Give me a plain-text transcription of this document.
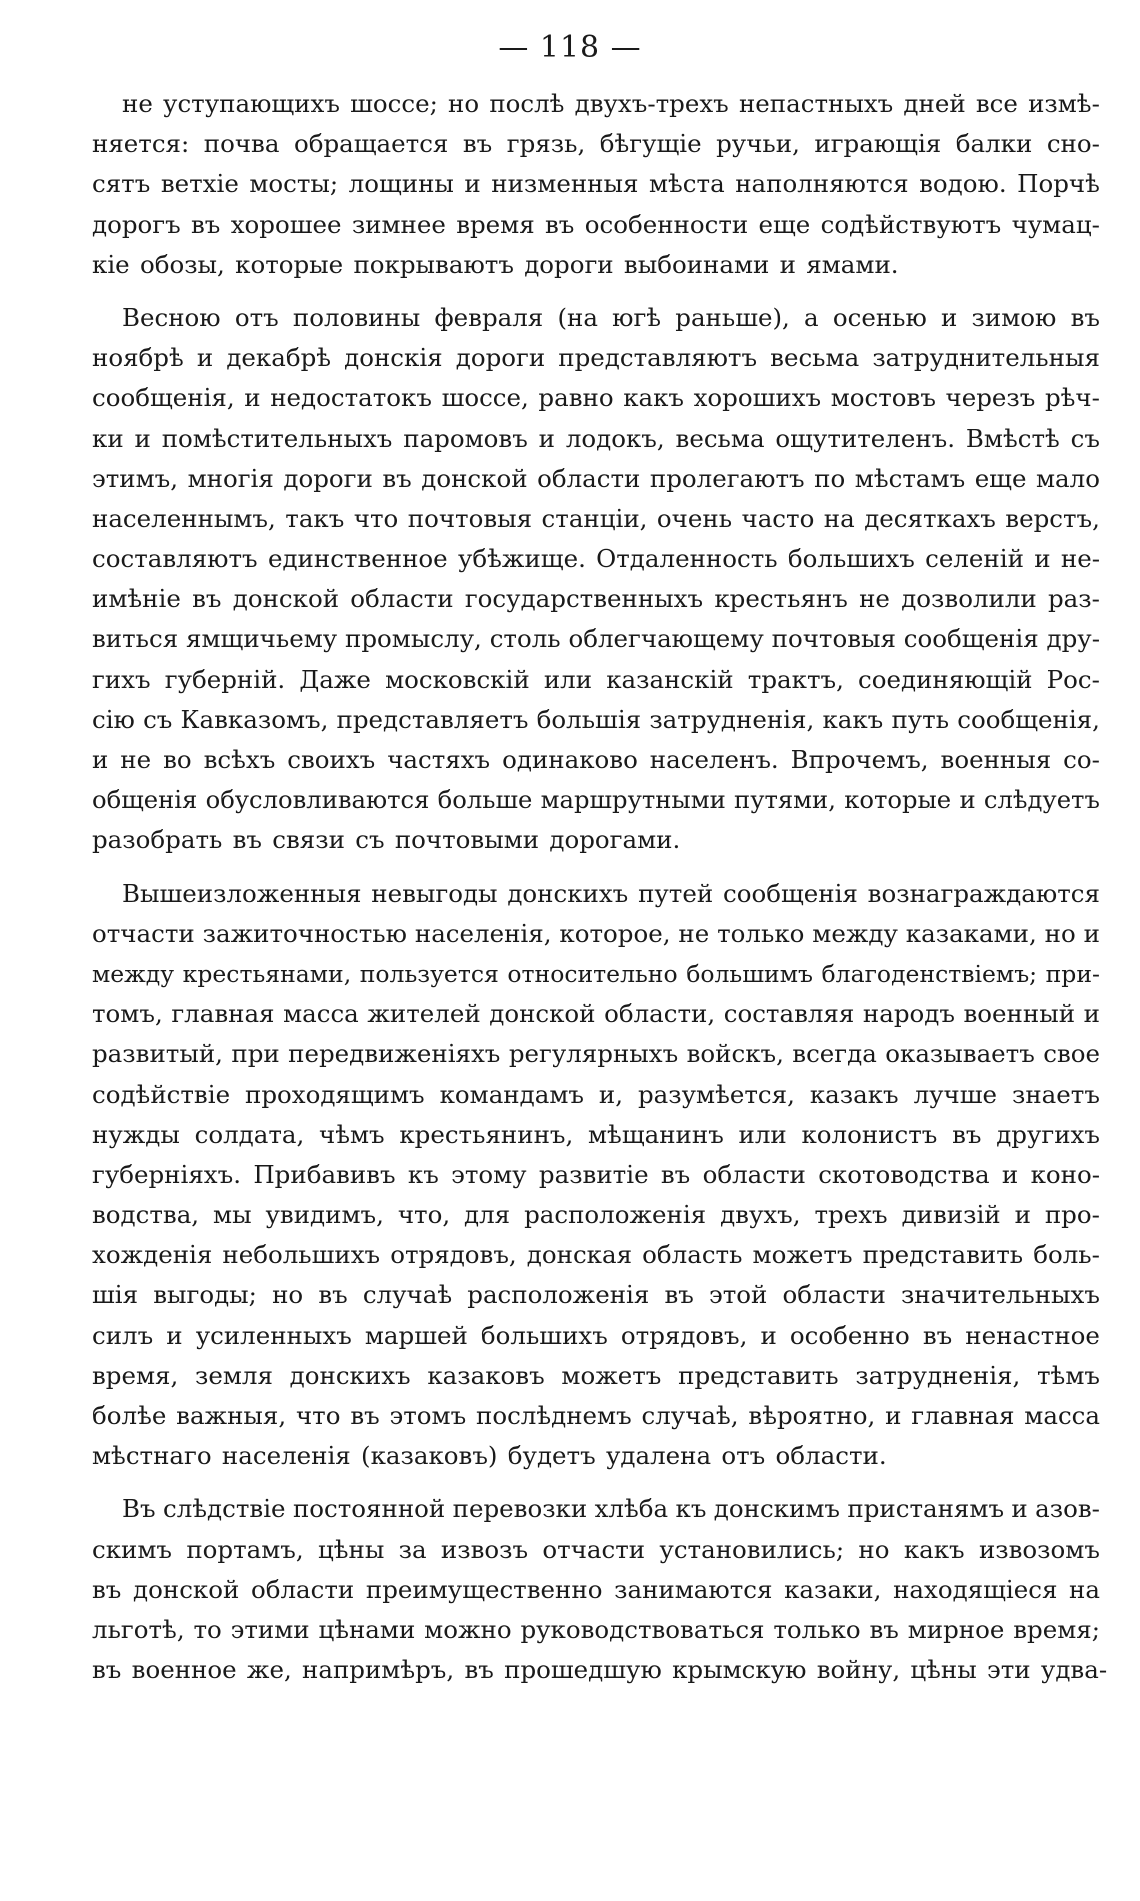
— 118 —
не уступающихъ шоссе; но послѣ двухъ-трехъ непастныхъ дней все измѣ-
няется: почва обращается въ грязь, бѣгущіе ручьи, играющія балки сно-
сятъ ветхіе мосты; лощины и низменныя мѣста наполняются водою. Порчѣ
дорогъ въ хорошее зимнее время въ особенности еще содѣйствуютъ чумац-
кіе обозы, которые покрываютъ дороги выбоинами и ямами.
Весною отъ половины февраля (на югѣ раньше), а осенью и зимою въ
ноябрѣ и декабрѣ донскія дороги представляютъ весьма затруднительныя
сообщенія, и недостатокъ шоссе, равно какъ хорошихъ мостовъ черезъ рѣч-
ки и помѣстительныхъ паромовъ и лодокъ, весьма ощутителенъ. Вмѣстѣ съ
этимъ, многія дороги въ донской области пролегаютъ по мѣстамъ еще мало
населеннымъ, такъ что почтовыя станціи, очень часто на десяткахъ верстъ,
составляютъ единственное убѣжище. Отдаленность большихъ селеній и не-
имѣніе въ донской области государственныхъ крестьянъ не дозволили раз-
виться ямщичьему промыслу, столь облегчающему почтовыя сообщенія дру-
гихъ губерній. Даже московскій или казанскій трактъ, соединяющій Рос-
сію съ Кавказомъ, представляетъ большія затрудненія, какъ путь сообщенія,
и не во всѣхъ своихъ частяхъ одинаково населенъ. Впрочемъ, военныя со-
общенія обусловливаются больше маршрутными путями, которые и слѣдуетъ
разобрать въ связи съ почтовыми дорогами.
Вышеизложенныя невыгоды донскихъ путей сообщенія вознаграждаются
отчасти зажиточностью населенія, которое, не только между казаками, но и
между крестьянами, пользуется относительно большимъ благоденствіемъ; при-
томъ, главная масса жителей донской области, составляя народъ военный и
развитый, при передвиженіяхъ регулярныхъ войскъ, всегда оказываетъ свое
содѣйствіе проходящимъ командамъ и, разумѣется, казакъ лучше знаетъ
нужды солдата, чѣмъ крестьянинъ, мѣщанинъ или колонистъ въ другихъ
губерніяхъ. Прибавивъ къ этому развитіе въ области скотоводства и коно-
водства, мы увидимъ, что, для расположенія двухъ, трехъ дивизій и про-
хожденія небольшихъ отрядовъ, донская область можетъ представить боль-
шія выгоды; но въ случаѣ расположенія въ этой области значительныхъ
силъ и усиленныхъ маршей большихъ отрядовъ, и особенно въ ненастное
время, земля донскихъ казаковъ можетъ представить затрудненія, тѣмъ
болѣе важныя, что въ этомъ послѣднемъ случаѣ, вѣроятно, и главная масса
мѣстнаго населенія (казаковъ) будетъ удалена отъ области.
Въ слѣдствіе постоянной перевозки хлѣба къ донскимъ пристанямъ и азов-
скимъ портамъ, цѣны за извозъ отчасти установились; но какъ извозомъ
въ донской области преимущественно занимаются казаки, находящіеся на
льготѣ, то этими цѣнами можно руководствоваться только въ мирное время;
въ военное же, напримѣръ, въ прошедшую крымскую войну, цѣны эти удва-
